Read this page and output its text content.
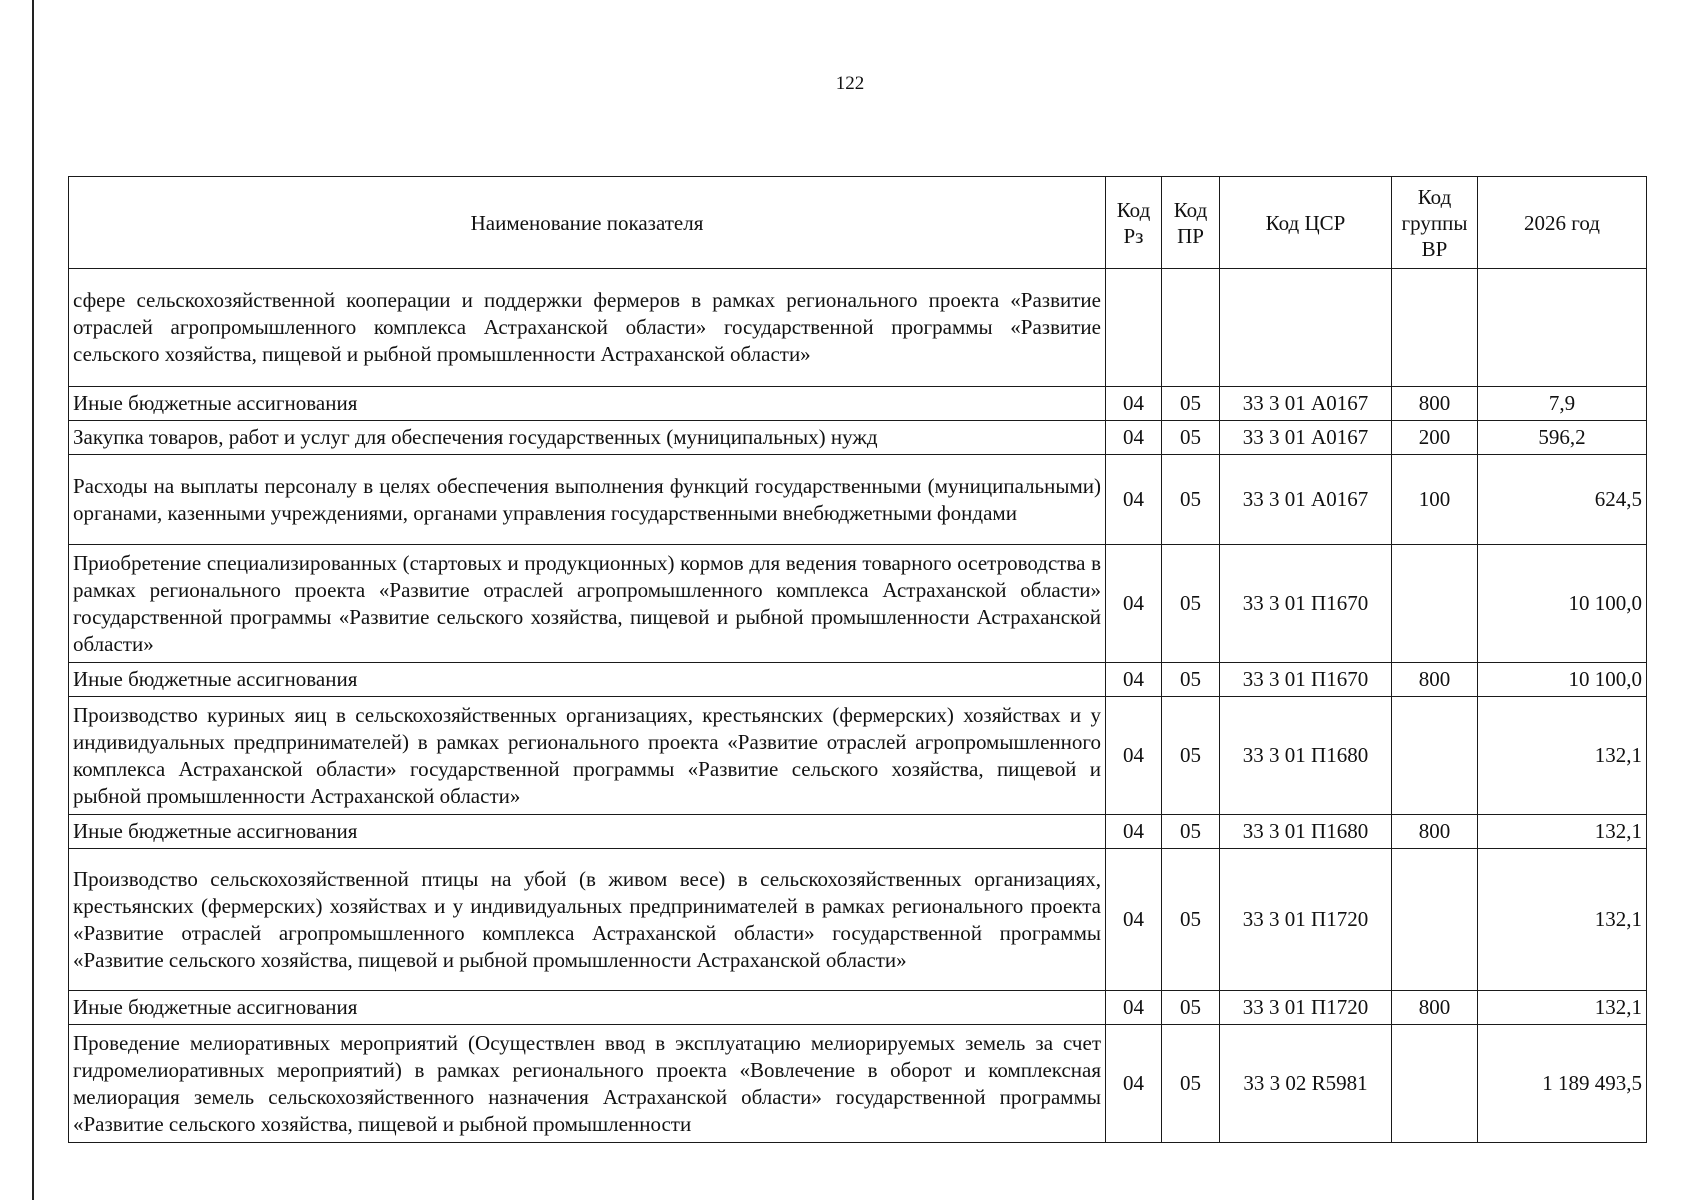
122
Наименование показателя	Код Рз	Код ПР	Код ЦСР	Код группы ВР	2026 год
сфере сельскохозяйственной кооперации и поддержки фермеров в рамках регионального проекта «Развитие отраслей агропромышленного комплекса Астраханской области» государственной программы «Развитие сельского хозяйства, пищевой и рыбной промышленности Астраханской области»					
Иные бюджетные ассигнования	04	05	33 3 01 А0167	800	7,9
Закупка товаров, работ и услуг для обеспечения государственных (муниципальных) нужд	04	05	33 3 01 А0167	200	596,2
Расходы на выплаты персоналу в целях обеспечения выполнения функций государственными (муниципальными) органами, казенными учреждениями, органами управления государственными внебюджетными фондами	04	05	33 3 01 А0167	100	624,5
Приобретение специализированных (стартовых и продукционных) кормов для ведения товарного осетроводства в рамках регионального проекта «Развитие отраслей агропромышленного комплекса Астраханской области» государственной программы «Развитие сельского хозяйства, пищевой и рыбной промышленности Астраханской области»	04	05	33 3 01 П1670		10 100,0
Иные бюджетные ассигнования	04	05	33 3 01 П1670	800	10 100,0
Производство куриных яиц в сельскохозяйственных организациях, крестьянских (фермерских) хозяйствах и у индивидуальных предпринимателей) в рамках регионального проекта «Развитие отраслей агропромышленного комплекса Астраханской области» государственной программы «Развитие сельского хозяйства, пищевой и рыбной промышленности Астраханской области»	04	05	33 3 01 П1680		132,1
Иные бюджетные ассигнования	04	05	33 3 01 П1680	800	132,1
Производство сельскохозяйственной птицы на убой (в живом весе) в сельскохозяйственных организациях, крестьянских (фермерских) хозяйствах и у индивидуальных предпринимателей в рамках регионального проекта «Развитие отраслей агропромышленного комплекса Астраханской области» государственной программы «Развитие сельского хозяйства, пищевой и рыбной промышленности Астраханской области»	04	05	33 3 01 П1720		132,1
Иные бюджетные ассигнования	04	05	33 3 01 П1720	800	132,1
Проведение мелиоративных мероприятий (Осуществлен ввод в эксплуатацию мелиорируемых земель за счет гидромелиоративных мероприятий) в рамках регионального проекта «Вовлечение в оборот и комплексная мелиорация земель сельскохозяйственного назначения Астраханской области» государственной программы «Развитие сельского хозяйства, пищевой и рыбной промышленности	04	05	33 3 02 R5981		1 189 493,5
